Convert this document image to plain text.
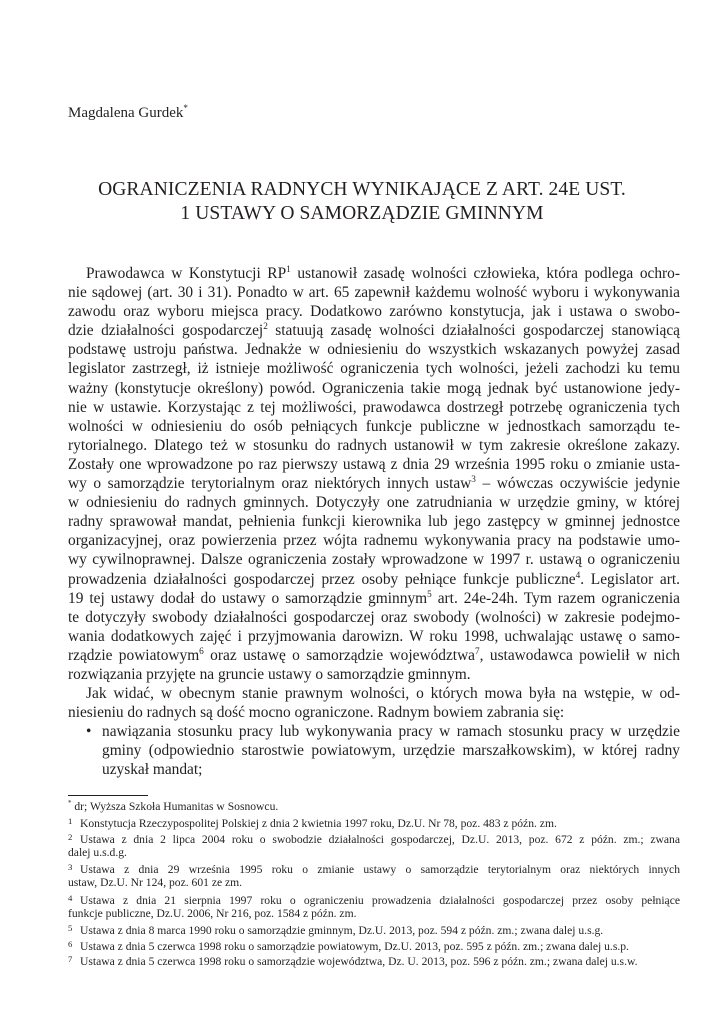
Magdalena Gurdek*
OGRANICZENIA RADNYCH WYNIKAJĄCE Z ART. 24E UST.
1 USTAWY O SAMORZĄDZIE GMINNYM
Prawodawca w Konstytucji $RP^1$ ustanowił zasadę wolności człowieka, która podlega ochro-
nie sądowej (art. 30 i 31). Ponadto w art. 65 zapewnił każdemu wolność wyboru i wykonywania
zawodu oraz wyboru miejsca pracy. Dodatkowo zarówno konstytucja, jak i ustawa o swobo-
dzie działalności gospodarczej$^2$ statuują zasadę wolności działalności gospodarczej stanowiącą
podstawę ustroju państwa. Jednakże w odniesieniu do wszystkich wskazanych powyżej zasad
legislator zastrzegł, iż istnieje możliwość ograniczenia tych wolności, jeżeli zachodzi ku temu
ważny (konstytucje określony) powód. Ograniczenia takie mogą jednak być ustanowione jedy-
nie w ustawie. Korzystając z tej możliwości, prawodawca dostrzegł potrzebę ograniczenia tych
wolności w odniesieniu do osób pełniących funkcje publiczne w jednostkach samorządu te-
rytorialnego. Dlatego też w stosunku do radnych ustanowił w tym zakresie określone zakazy.
Zostały one wprowadzone po raz pierwszy ustawą z dnia 29 września 1995 roku o zmianie usta-
wy o samorządzie terytorialnym oraz niektórych innych ustaw$^3$ – wówczas oczywiście jedynie
w odniesieniu do radnych gminnych. Dotyczyły one zatrudniania w urzędzie gminy, w której
radny sprawował mandat, pełnienia funkcji kierownika lub jego zastępcy w gminnej jednostce
organizacyjnej, oraz powierzenia przez wójta radnemu wykonywania pracy na podstawie umo-
wy cywilnoprawnej. Dalsze ograniczenia zostały wprowadzone w 1997 r. ustawą o ograniczeniu
prowadzenia działalności gospodarczej przez osoby pełniące funkcje publiczne$^4$. Legislator art.
19 tej ustawy dodał do ustawy o samorządzie gminnym$^5$ art. 24e-24h. Tym razem ograniczenia
te dotyczyły swobody działalności gospodarczej oraz swobody (wolności) w zakresie podejmo-
wania dodatkowych zajęć i przyjmowania darowizn. W roku 1998, uchwalając ustawę o samo-
rządzie powiatowym$^6$ oraz ustawę o samorządzie województwa$^7$, ustawodawca powielił w nich
rozwiązania przyjęte na gruncie ustawy o samorządzie gminnym.
Jak widać, w obecnym stanie prawnym wolności, o których mowa była na wstępie, w od-
niesieniu do radnych są dość mocno ograniczone. Radnym bowiem zabrania się:
• nawiązania stosunku pracy lub wykonywania pracy w ramach stosunku pracy w urzędzie
gminy (odpowiednio starostwie powiatowym, urzędzie marszałkowskim), w której radny
uzyskał mandat;
* dr; Wyższa Szkoła Humanitas w Sosnowcu.
1 Konstytucja Rzeczypospolitej Polskiej z dnia 2 kwietnia 1997 roku, Dz.U. Nr 78, poz. 483 z późn. zm.
2 Ustawa z dnia 2 lipca 2004 roku o swobodzie działalności gospodarczej, Dz.U. 2013, poz. 672 z późn. zm.; zwana
dalej u.s.d.g.
3 Ustawa z dnia 29 września 1995 roku o zmianie ustawy o samorządzie terytorialnym oraz niektórych innych
ustaw, Dz.U. Nr 124, poz. 601 ze zm.
4 Ustawa z dnia 21 sierpnia 1997 roku o ograniczeniu prowadzenia działalności gospodarczej przez osoby pełniące
funkcje publiczne, Dz.U. 2006, Nr 216, poz. 1584 z późn. zm.
5 Ustawa z dnia 8 marca 1990 roku o samorządzie gminnym, Dz.U. 2013, poz. 594 z późn. zm.; zwana dalej u.s.g.
6 Ustawa z dnia 5 czerwca 1998 roku o samorządzie powiatowym, Dz.U. 2013, poz. 595 z późn. zm.; zwana dalej u.s.p.
7 Ustawa z dnia 5 czerwca 1998 roku o samorządzie województwa, Dz. U. 2013, poz. 596 z późn. zm.; zwana dalej u.s.w.
